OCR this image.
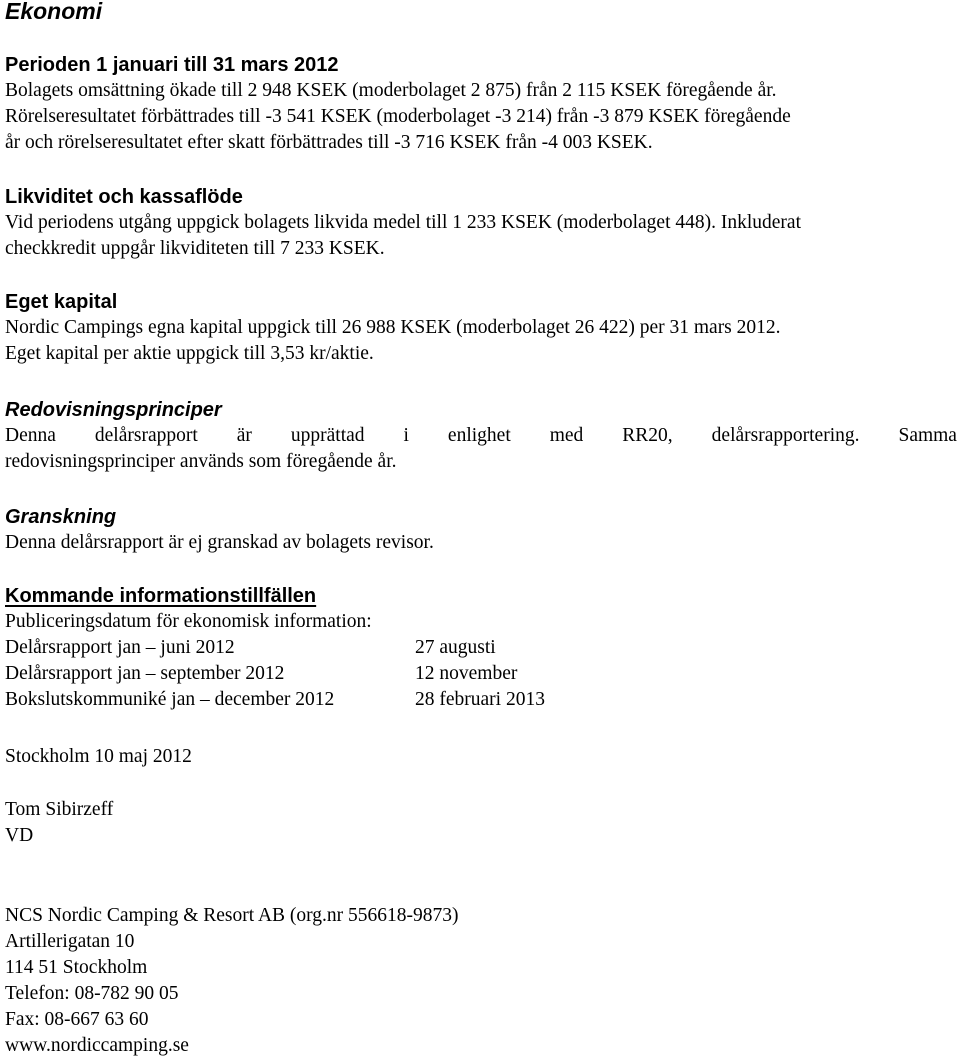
Ekonomi
Perioden 1 januari till 31 mars 2012
Bolagets omsättning ökade till 2 948 KSEK (moderbolaget 2 875) från 2 115 KSEK föregående år.
Rörelseresultatet förbättrades till -3 541 KSEK (moderbolaget -3 214) från -3 879 KSEK föregående
år och rörelseresultatet efter skatt förbättrades till -3 716 KSEK från -4 003 KSEK.
Likviditet och kassaflöde
Vid periodens utgång uppgick bolagets likvida medel till 1 233 KSEK (moderbolaget 448). Inkluderat
checkkredit uppgår likviditeten till 7 233 KSEK.
Eget kapital
Nordic Campings egna kapital uppgick till 26 988 KSEK (moderbolaget 26 422) per 31 mars 2012.
Eget kapital per aktie uppgick till 3,53 kr/aktie.
Redovisningsprinciper
Denna delårsrapport är upprättad i enlighet med RR20, delårsrapportering. Samma
redovisningsprinciper används som föregående år.
Granskning
Denna delårsrapport är ej granskad av bolagets revisor.
Kommande informationstillfällen
Publiceringsdatum för ekonomisk information:
Delårsrapport jan – juni 2012	27 augusti
Delårsrapport jan – september 2012	12 november
Bokslutskommuniké jan – december 2012	28 februari 2013
Stockholm 10 maj 2012
Tom Sibirzeff
VD
NCS Nordic Camping & Resort AB (org.nr 556618-9873)
Artillerigatan 10
114 51 Stockholm
Telefon: 08-782 90 05
Fax: 08-667 63 60
www.nordiccamping.se
